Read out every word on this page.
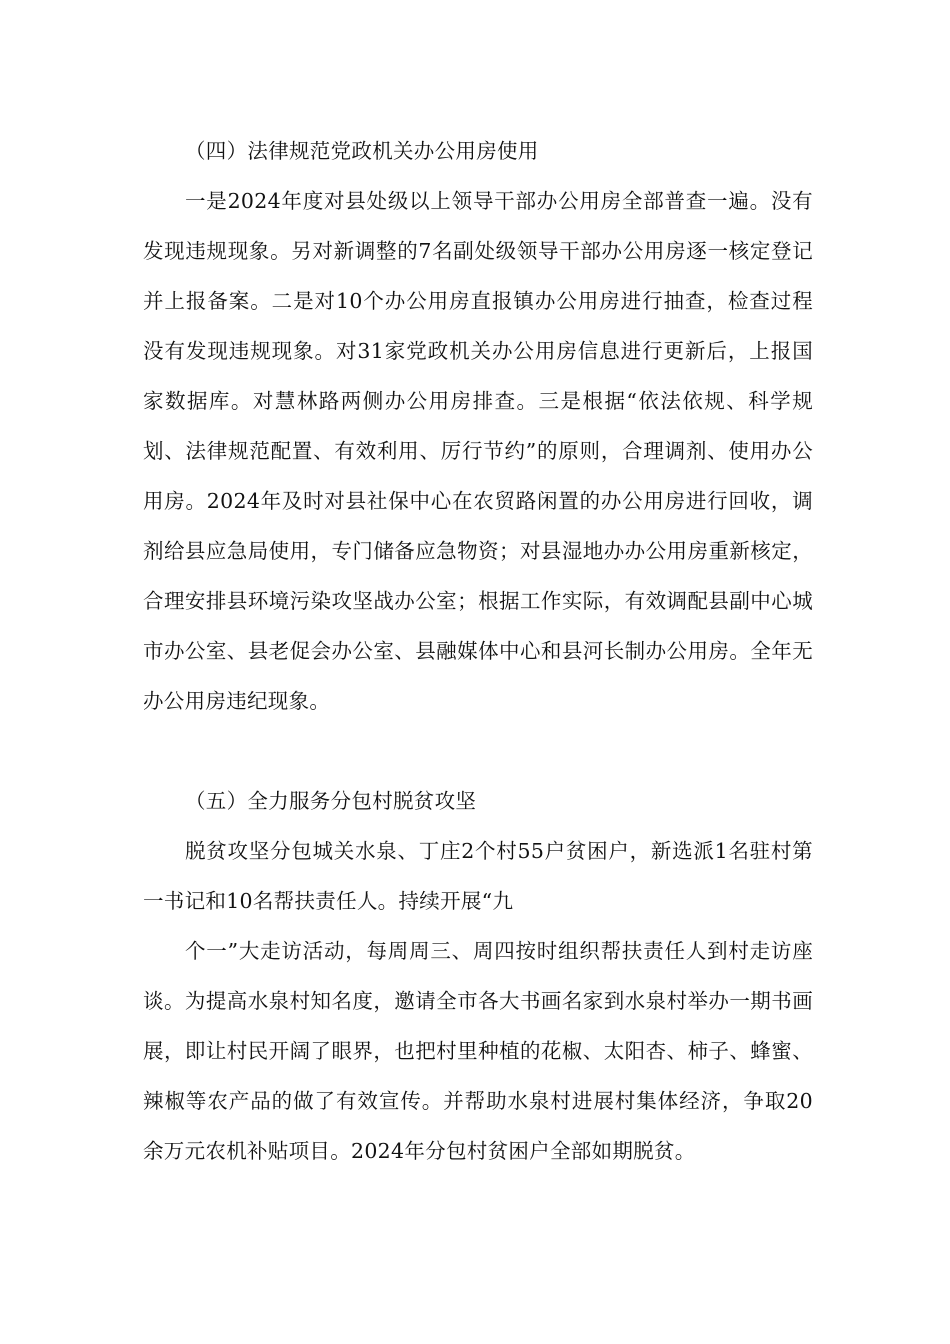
（四）法律规范党政机关办公用房使用

一是2024年度对县处级以上领导干部办公用房全部普查一遍。没有发现违规现象。另对新调整的7名副处级领导干部办公用房逐一核定登记并上报备案。二是对10个办公用房直报镇办公用房进行抽查，检查过程没有发现违规现象。对31家党政机关办公用房信息进行更新后，上报国家数据库。对慧林路两侧办公用房排查。三是根据“依法依规、科学规划、法律规范配置、有效利用、厉行节约”的原则，合理调剂、使用办公用房。2024年及时对县社保中心在农贸路闲置的办公用房进行回收，调剂给县应急局使用，专门储备应急物资；对县湿地办办公用房重新核定，合理安排县环境污染攻坚战办公室；根据工作实际，有效调配县副中心城市办公室、县老促会办公室、县融媒体中心和县河长制办公用房。全年无办公用房违纪现象。

（五）全力服务分包村脱贫攻坚

脱贫攻坚分包城关水泉、丁庄2个村55户贫困户，新选派1名驻村第一书记和10名帮扶责任人。持续开展“九

个一”大走访活动，每周周三、周四按时组织帮扶责任人到村走访座谈。为提高水泉村知名度，邀请全市各大书画名家到水泉村举办一期书画展，即让村民开阔了眼界，也把村里种植的花椒、太阳杏、柿子、蜂蜜、辣椒等农产品的做了有效宣传。并帮助水泉村进展村集体经济，争取20余万元农机补贴项目。2024年分包村贫困户全部如期脱贫。
